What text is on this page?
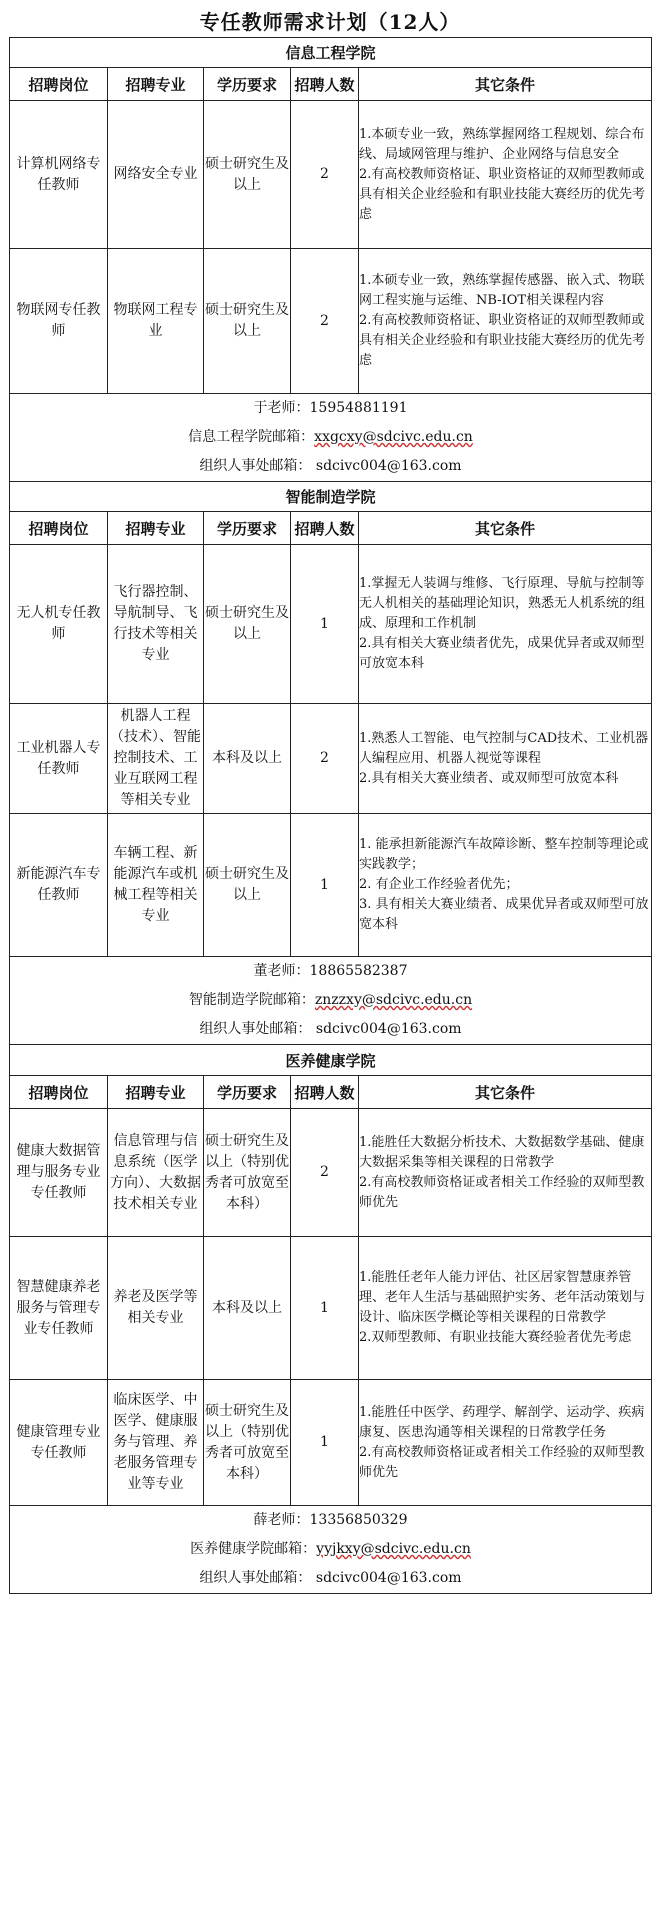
专任教师需求计划（12人）
信息工程学院				
招聘岗位	招聘专业	学历要求	招聘人数	其它条件
计算机网络专任教师	网络安全专业	硕士研究生及以上	2	1.本硕专业一致，熟练掌握网络工程规划、综合布线、局域网管理与维护、企业网络与信息安全

2.有高校教师资格证、职业资格证的双师型教师或具有相关企业经验和有职业技能大赛经历的优先考虑

物联网专任教师	物联网工程专业	硕士研究生及以上	2	1.本硕专业一致，熟练掌握传感器、嵌入式、物联网工程实施与运维、NB-IOT相关课程内容

2.有高校教师资格证、职业资格证的双师型教师或具有相关企业经验和有职业技能大赛经历的优先考虑

于老师：15954881191
信息工程学院邮箱：xxgcxy@sdcivc.edu.cn
组织人事处邮箱： sdcivc004@163.com				

智能制造学院				
招聘岗位	招聘专业	学历要求	招聘人数	其它条件
无人机专任教师	飞行器控制、导航制导、飞行技术等相关专业	硕士研究生及以上	1	1.掌握无人装调与维修、飞行原理、导航与控制等无人机相关的基础理论知识，熟悉无人机系统的组成、原理和工作机制

2.具有相关大赛业绩者优先，成果优异者或双师型可放宽本科

工业机器人专任教师	机器人工程（技术）、智能控制技术、工业互联网工程等相关专业	本科及以上	2	1.熟悉人工智能、电气控制与CAD技术、工业机器人编程应用、机器人视觉等课程

2.具有相关大赛业绩者、或双师型可放宽本科

新能源汽车专任教师	车辆工程、新能源汽车或机械工程等相关专业	硕士研究生及以上	1	1. 能承担新能源汽车故障诊断、整车控制等理论或实践教学；

2. 有企业工作经验者优先；

3. 具有相关大赛业绩者、成果优异者或双师型可放宽本科

董老师：18865582387
智能制造学院邮箱：znzzxy@sdcivc.edu.cn
组织人事处邮箱： sdcivc004@163.com				

医养健康学院				
招聘岗位	招聘专业	学历要求	招聘人数	其它条件
健康大数据管理与服务专业专任教师	信息管理与信息系统（医学方向）、大数据技术相关专业	硕士研究生及以上（特别优秀者可放宽至本科）	2	1.能胜任大数据分析技术、大数据数学基础、健康大数据采集等相关课程的日常教学

2.有高校教师资格证或者相关工作经验的双师型教师优先

智慧健康养老服务与管理专业专任教师	养老及医学等相关专业	本科及以上	1	1.能胜任老年人能力评估、社区居家智慧康养管理、老年人生活与基础照护实务、老年活动策划与设计、临床医学概论等相关课程的日常教学

2.双师型教师、有职业技能大赛经验者优先考虑

健康管理专业专任教师	临床医学、中医学、健康服务与管理、养老服务管理专业等专业	硕士研究生及以上（特别优秀者可放宽至本科）	1	1.能胜任中医学、药理学、解剖学、运动学、疾病康复、医患沟通等相关课程的日常教学任务

2.有高校教师资格证或者相关工作经验的双师型教师优先

薛老师：13356850329
医养健康学院邮箱：yyjkxy@sdcivc.edu.cn
组织人事处邮箱： sdcivc004@163.com				
